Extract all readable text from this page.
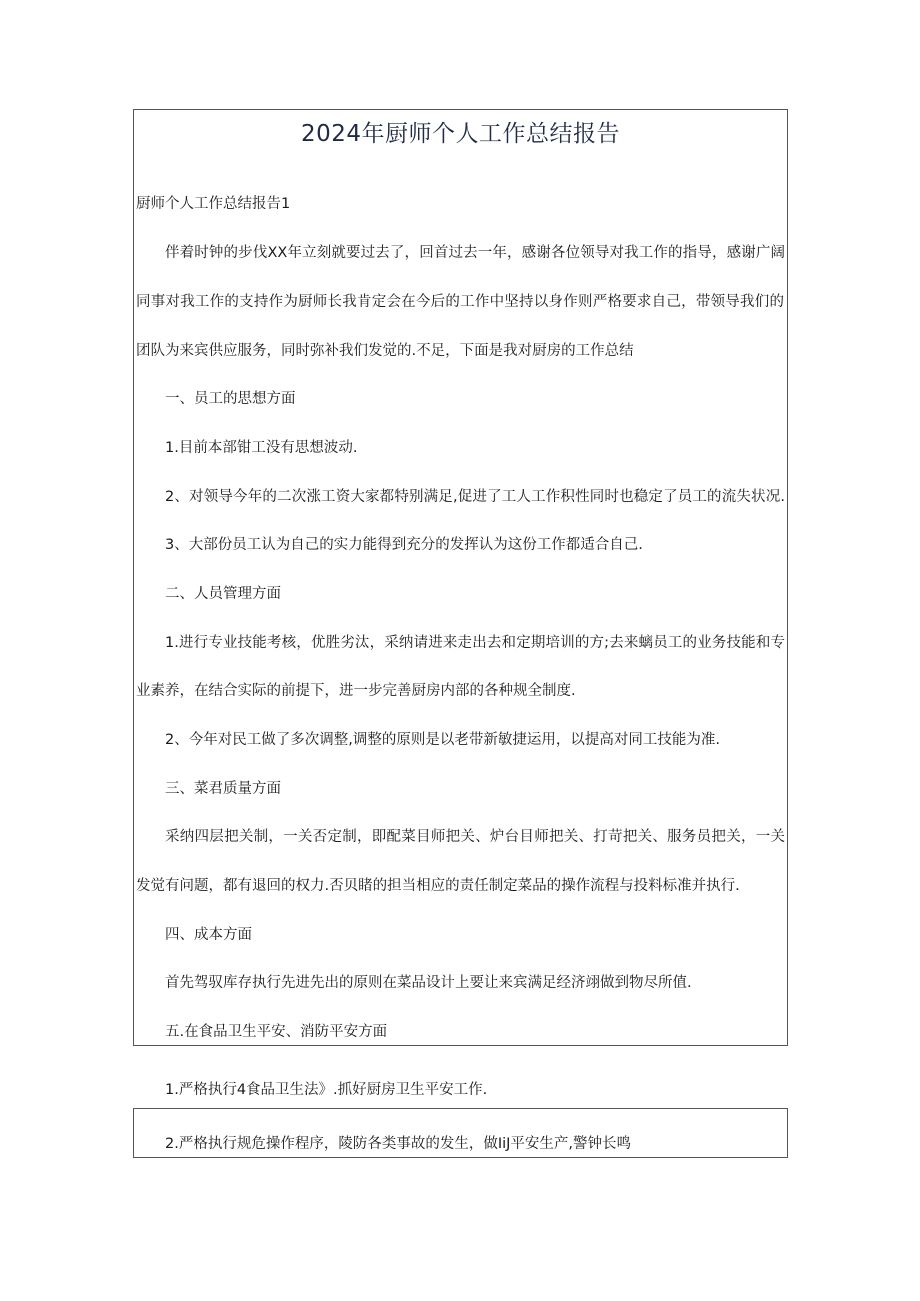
2024年厨师个人工作总结报告
厨师个人工作总结报告1
伴着时钟的步伐XX年立刻就要过去了，回首过去一年，感谢各位领导对我工作的指导，感谢广阔
同事对我工作的支持作为厨师长我肯定会在今后的工作中坚持以身作则严格要求自己，带领导我们的
团队为来宾供应服务，同时弥补我们发觉的.不足，下面是我对厨房的工作总结
一、员工的思想方面
1.目前本部钳工没有思想波动.
2、对领导今年的二次涨工资大家都特别满足,促进了工人工作积性同时也稳定了员工的流失状况.
3、大部份员工认为自己的实力能得到充分的发挥认为这份工作都适合自己.
二、人员管理方面
1.进行专业技能考核，优胜劣汰，采纳请进来走出去和定期培训的方;去来螭员工的业务技能和专
业素养，在结合实际的前提下，进一步完善厨房内部的各种规全制度.
2、今年对民工做了多次调整,调整的原则是以老带新敏捷运用，以提高对同工技能为准.
三、菜君质量方面
采纳四层把关制，一关否定制，即配菜目师把关、炉台目师把关、打苛把关、服务员把关，一关
发觉有问题，都有退回的权力.否贝睹的担当相应的责任制定菜品的操作流程与投料标准并执行.
四、成本方面
首先驾驭库存执行先进先出的原则在菜品设计上要让来宾满足经济翊做到物尽所值.
五.在食品卫生平安、消防平安方面
1.严格执行4食品卫生法》.抓好厨房卫生平安工作.
2.严格执行规危操作程序，陵防各类事故的发生，做IiJ平安生产,警钟长鸣
